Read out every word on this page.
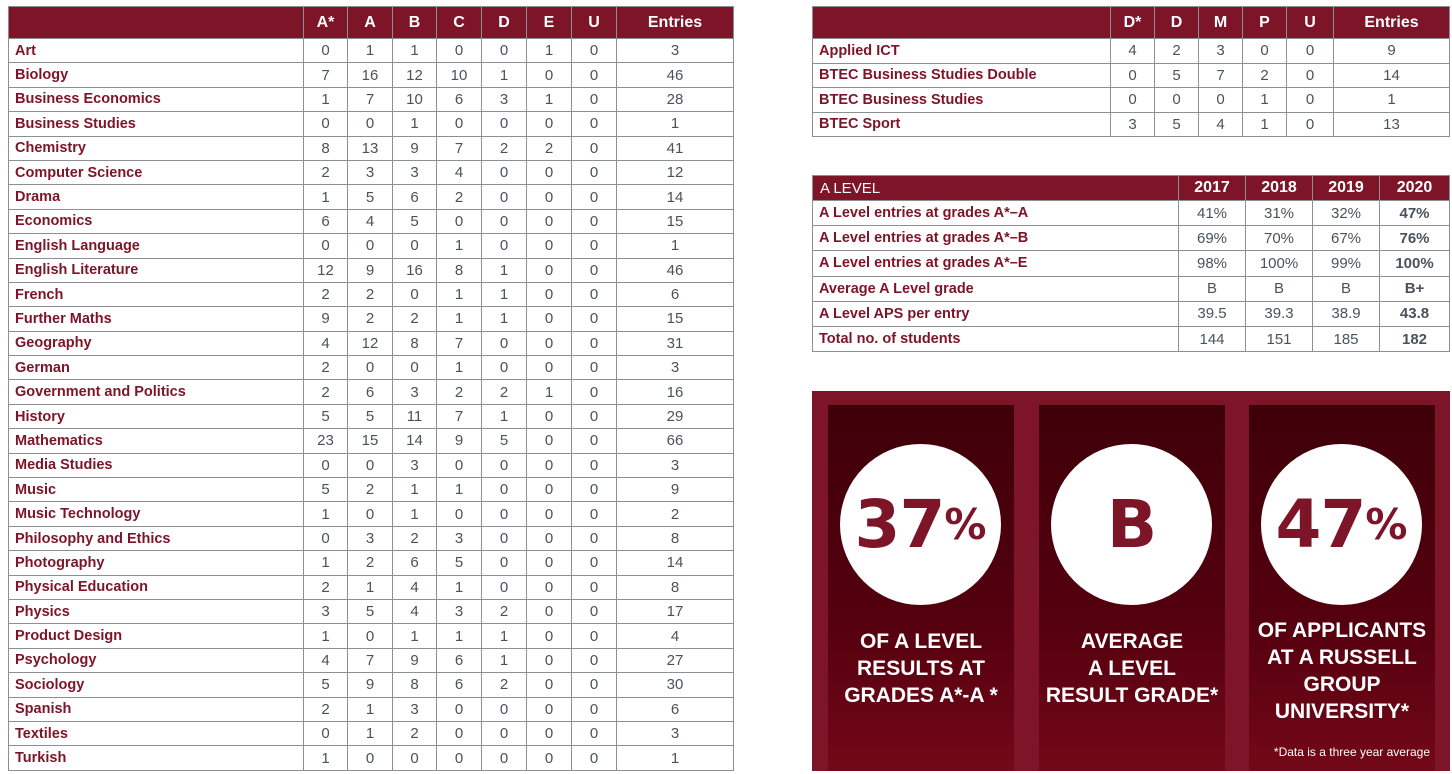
	A*	A	B	C	D	E	U	Entries
Art	0	1	1	0	0	1	0	3
Biology	7	16	12	10	1	0	0	46
Business Economics	1	7	10	6	3	1	0	28
Business Studies	0	0	1	0	0	0	0	1
Chemistry	8	13	9	7	2	2	0	41
Computer Science	2	3	3	4	0	0	0	12
Drama	1	5	6	2	0	0	0	14
Economics	6	4	5	0	0	0	0	15
English Language	0	0	0	1	0	0	0	1
English Literature	12	9	16	8	1	0	0	46
French	2	2	0	1	1	0	0	6
Further Maths	9	2	2	1	1	0	0	15
Geography	4	12	8	7	0	0	0	31
German	2	0	0	1	0	0	0	3
Government and Politics	2	6	3	2	2	1	0	16
History	5	5	11	7	1	0	0	29
Mathematics	23	15	14	9	5	0	0	66
Media Studies	0	0	3	0	0	0	0	3
Music	5	2	1	1	0	0	0	9
Music Technology	1	0	1	0	0	0	0	2
Philosophy and Ethics	0	3	2	3	0	0	0	8
Photography	1	2	6	5	0	0	0	14
Physical Education	2	1	4	1	0	0	0	8
Physics	3	5	4	3	2	0	0	17
Product Design	1	0	1	1	1	0	0	4
Psychology	4	7	9	6	1	0	0	27
Sociology	5	9	8	6	2	0	0	30
Spanish	2	1	3	0	0	0	0	6
Textiles	0	1	2	0	0	0	0	3
Turkish	1	0	0	0	0	0	0	1
	D*	D	M	P	U	Entries
Applied ICT	4	2	3	0	0	9
BTEC Business Studies Double	0	5	7	2	0	14
BTEC Business Studies	0	0	0	1	0	1
BTEC Sport	3	5	4	1	0	13
A LEVEL	2017	2018	2019	2020
A Level entries at grades A*–A	41%	31%	32%	47%
A Level entries at grades A*–B	69%	70%	67%	76%
A Level entries at grades A*–E	98%	100%	99%	100%
Average A Level grade	B	B	B	B+
A Level APS per entry	39.5	39.3	38.9	43.8
Total no. of students	144	151	185	182
37 %
OF A LEVEL
RESULTS AT
GRADES A*-A *
B
AVERAGE
A LEVEL
RESULT GRADE*
47 %
OF APPLICANTS
AT A RUSSELL
GROUP
UNIVERSITY*
*Data is a three year average
